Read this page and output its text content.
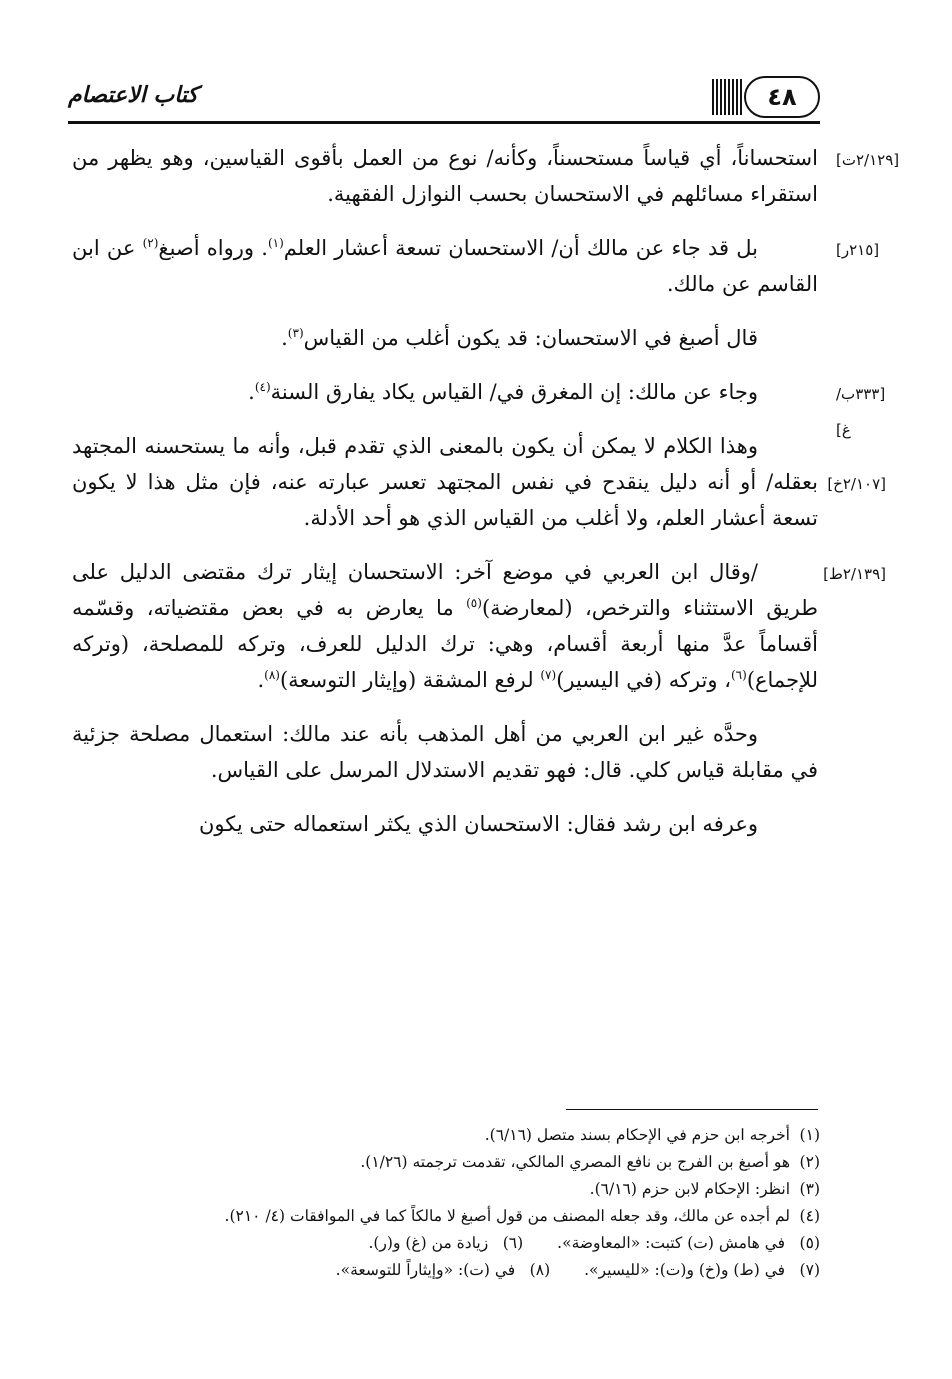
كتاب الاعتصام	٤٨

[٢/١٢٩ت]
استحساناً، أي قياساً مستحسناً، وكأنه/ نوع من العمل بأقوى القياسين، وهو يظهر من استقراء مسائلهم في الاستحسان بحسب النوازل الفقهية.

[٢١٥ر]
بل قد جاء عن مالك أن/ الاستحسان تسعة أعشار العلم$^{(١)}$. ورواه أصبغ$^{(٢)}$ عن ابن القاسم عن مالك.

قال أصبغ في الاستحسان: قد يكون أغلب من القياس$^{(٣)}$.

[٣٣٣ب/غ]
وجاء عن مالك: إن المغرق في/ القياس يكاد يفارق السنة$^{(٤)}$.

[٢/١٠٧خ]
وهذا الكلام لا يمكن أن يكون بالمعنى الذي تقدم قبل، وأنه ما يستحسنه المجتهد بعقله/ أو أنه دليل ينقدح في نفس المجتهد تعسر عبارته عنه، فإن مثل هذا لا يكون تسعة أعشار العلم، ولا أغلب من القياس الذي هو أحد الأدلة.

[٢/١٣٩ط]
/وقال ابن العربي في موضع آخر: الاستحسان إيثار ترك مقتضى الدليل على طريق الاستثناء والترخص، (لمعارضة)$^{(٥)}$ ما يعارض به في بعض مقتضياته، وقسّمه أقساماً عدَّ منها أربعة أقسام، وهي: ترك الدليل للعرف، وتركه للمصلحة، (وتركه للإجماع)$^{(٦)}$، وتركه (في اليسير)$^{(٧)}$ لرفع المشقة (وإيثار التوسعة)$^{(٨)}$.

وحدَّه غير ابن العربي من أهل المذهب بأنه عند مالك: استعمال مصلحة جزئية في مقابلة قياس كلي. قال: فهو تقديم الاستدلال المرسل على القياس.

وعرفه ابن رشد فقال: الاستحسان الذي يكثر استعماله حتى يكون

(١)
أخرجه ابن حزم في الإحكام بسند متصل (٦/١٦).
(٢)
هو أصبغ بن الفرج بن نافع المصري المالكي، تقدمت ترجمته (١/٢٦).
(٣)
انظر: الإحكام لابن حزم (٦/١٦).
(٤)
لم أجده عن مالك، وقد جعله المصنف من قول أصبغ لا مالكاً كما في الموافقات (٤/ ٢١٠).
(٥) في هامش (ت) كتبت: «المعاوضة».
(٦) زيادة من (غ) و(ر).
(٧) في (ط) و(خ) و(ت): «لليسير».
(٨) في (ت): «وإيثاراً للتوسعة».
